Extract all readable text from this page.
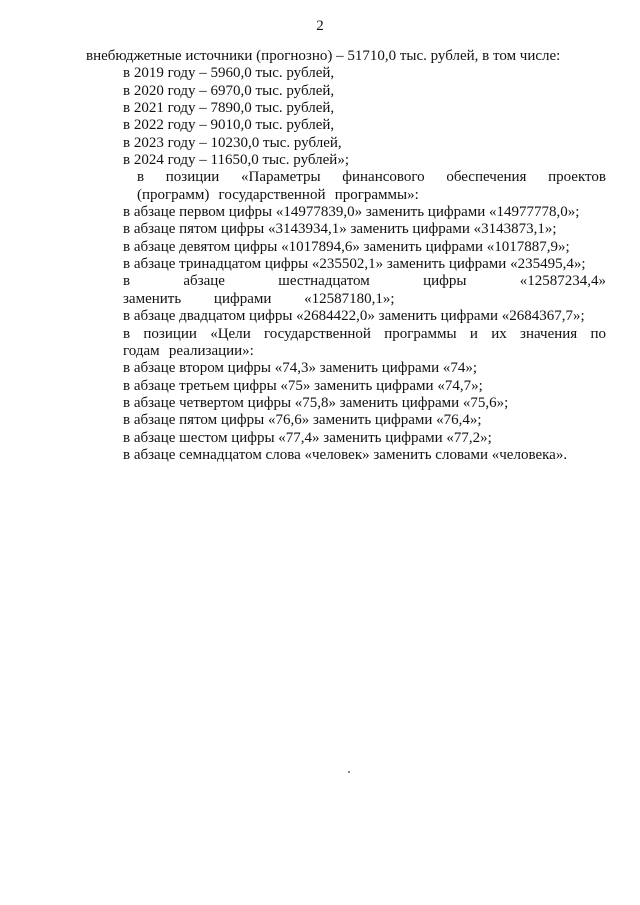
2
внебюджетные источники (прогнозно) – 51710,0 тыс. рублей, в том числе:
в 2019 году – 5960,0 тыс. рублей,
в 2020 году – 6970,0 тыс. рублей,
в 2021 году – 7890,0 тыс. рублей,
в 2022 году – 9010,0 тыс. рублей,
в 2023 году – 10230,0 тыс. рублей,
в 2024 году – 11650,0 тыс. рублей»;
в позиции «Параметры финансового обеспечения проектов (программ) государственной программы»:
в абзаце первом цифры «14977839,0» заменить цифрами «14977778,0»;
в абзаце пятом цифры «3143934,1» заменить цифрами «3143873,1»;
в абзаце девятом цифры «1017894,6» заменить цифрами «1017887,9»;
в абзаце тринадцатом цифры «235502,1» заменить цифрами «235495,4»;
в абзаце шестнадцатом цифры «12587234,4» заменить цифрами «12587180,1»;
в абзаце двадцатом цифры «2684422,0» заменить цифрами «2684367,7»;
в позиции «Цели государственной программы и их значения по годам реализации»:
в абзаце втором цифры «74,3» заменить цифрами «74»;
в абзаце третьем цифры «75» заменить цифрами «74,7»;
в абзаце четвертом цифры «75,8» заменить цифрами «75,6»;
в абзаце пятом цифры «76,6» заменить цифрами «76,4»;
в абзаце шестом цифры «77,4» заменить цифрами «77,2»;
в абзаце семнадцатом слова «человек» заменить словами «человека».
